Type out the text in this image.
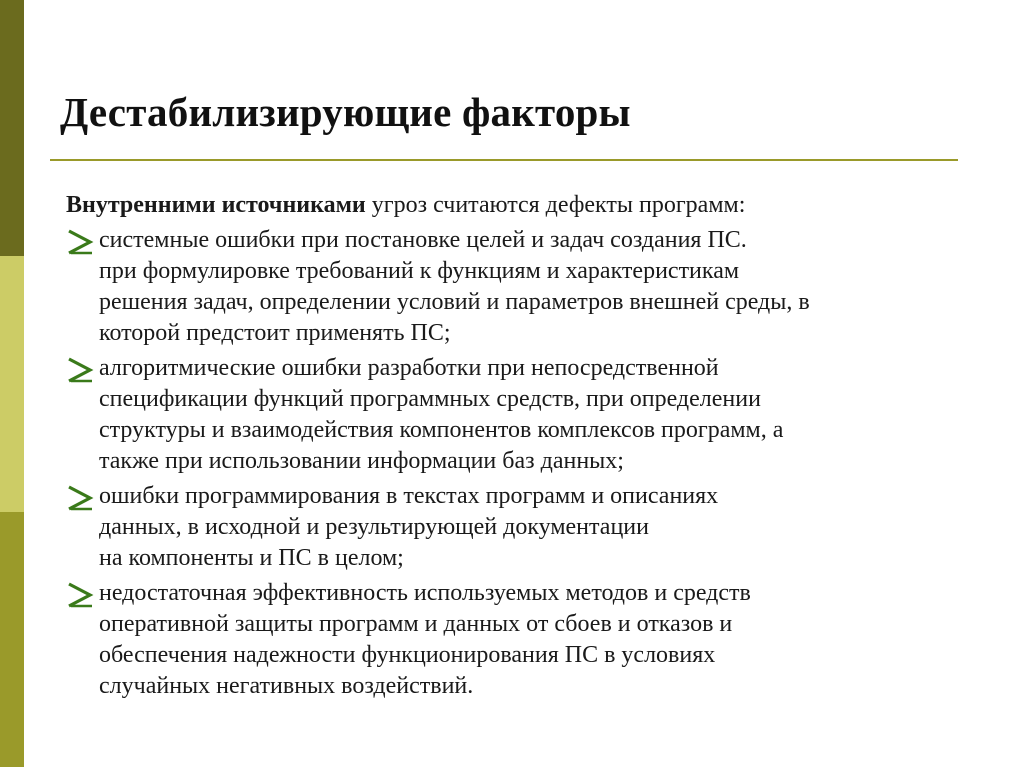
Дестабилизирующие факторы

Внутренними источниками угроз считаются дефекты программ:

системные ошибки при постановке целей и задач создания ПС.
при формулировке требований к функциям и характеристикам
решения задач, определении условий и параметров внешней среды, в
которой предстоит применять ПС;
алгоритмические ошибки разработки при непосредственной
спецификации функций программных средств, при определении
структуры и взаимодействия компонентов комплексов программ, а
также при использовании информации баз данных;
ошибки программирования в текстах программ и описаниях
данных, в исходной и результирующей документации
на компоненты и ПС в целом;
недостаточная эффективность используемых методов и средств
оперативной защиты программ и данных от сбоев и отказов и
обеспечения надежности функционирования ПС в условиях
случайных негативных воздействий.
